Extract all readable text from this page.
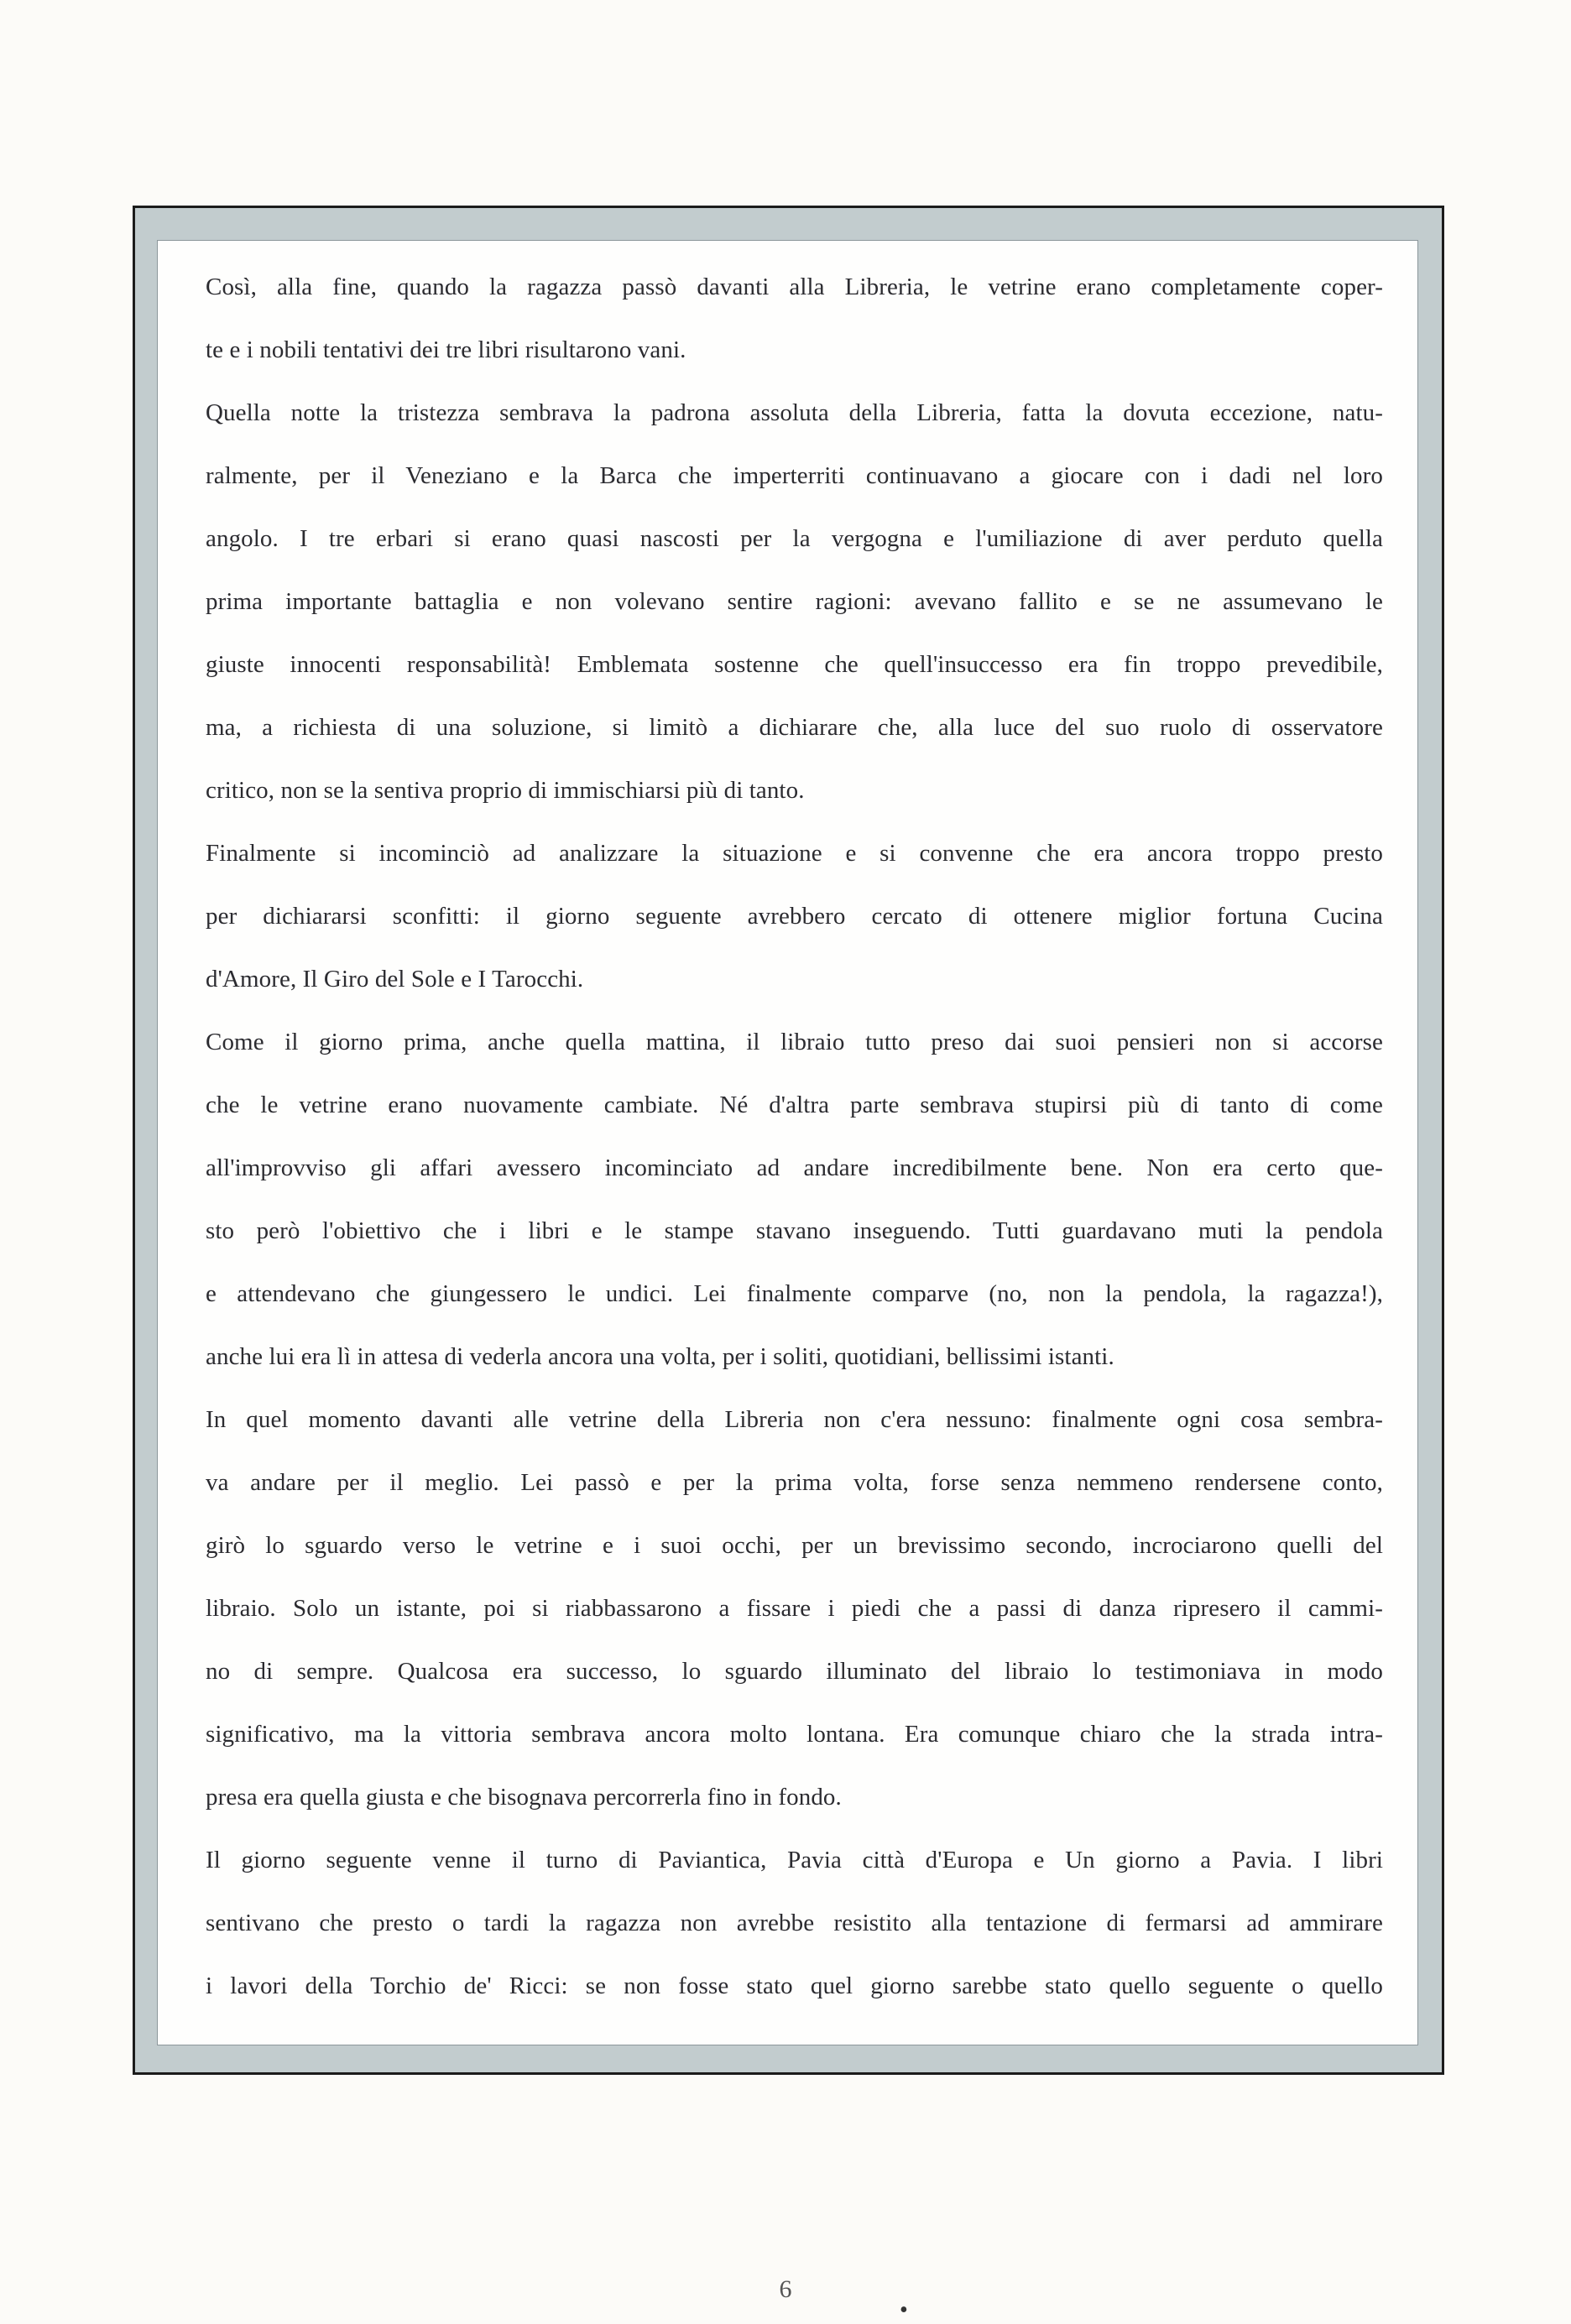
Così, alla fine, quando la ragazza passò davanti alla Libreria, le vetrine erano completamente coper-
te e i nobili tentativi dei tre libri risultarono vani.
Quella notte la tristezza sembrava la padrona assoluta della Libreria, fatta la dovuta eccezione, natu-
ralmente, per il Veneziano e la Barca che imperterriti continuavano a giocare con i dadi nel loro
angolo. I tre erbari si erano quasi nascosti per la vergogna e l'umiliazione di aver perduto quella
prima importante battaglia e non volevano sentire ragioni: avevano fallito e se ne assumevano le
giuste innocenti responsabilità! Emblemata sostenne che quell'insuccesso era fin troppo prevedibile,
ma, a richiesta di una soluzione, si limitò a dichiarare che, alla luce del suo ruolo di osservatore
critico, non se la sentiva proprio di immischiarsi più di tanto.
Finalmente si incominciò ad analizzare la situazione e si convenne che era ancora troppo presto
per dichiararsi sconfitti: il giorno seguente avrebbero cercato di ottenere miglior fortuna Cucina
d'Amore, Il Giro del Sole e I Tarocchi.
Come il giorno prima, anche quella mattina, il libraio tutto preso dai suoi pensieri non si accorse
che le vetrine erano nuovamente cambiate. Né d'altra parte sembrava stupirsi più di tanto di come
all'improvviso gli affari avessero incominciato ad andare incredibilmente bene. Non era certo que-
sto però l'obiettivo che i libri e le stampe stavano inseguendo. Tutti guardavano muti la pendola
e attendevano che giungessero le undici. Lei finalmente comparve (no, non la pendola, la ragazza!),
anche lui era lì in attesa di vederla ancora una volta, per i soliti, quotidiani, bellissimi istanti.
In quel momento davanti alle vetrine della Libreria non c'era nessuno: finalmente ogni cosa sembra-
va andare per il meglio. Lei passò e per la prima volta, forse senza nemmeno rendersene conto,
girò lo sguardo verso le vetrine e i suoi occhi, per un brevissimo secondo, incrociarono quelli del
libraio. Solo un istante, poi si riabbassarono a fissare i piedi che a passi di danza ripresero il cammi-
no di sempre. Qualcosa era successo, lo sguardo illuminato del libraio lo testimoniava in modo
significativo, ma la vittoria sembrava ancora molto lontana. Era comunque chiaro che la strada intra-
presa era quella giusta e che bisognava percorrerla fino in fondo.
Il giorno seguente venne il turno di Paviantica, Pavia città d'Europa e Un giorno a Pavia. I libri
sentivano che presto o tardi la ragazza non avrebbe resistito alla tentazione di fermarsi ad ammirare
i lavori della Torchio de' Ricci: se non fosse stato quel giorno sarebbe stato quello seguente o quello
•
6
